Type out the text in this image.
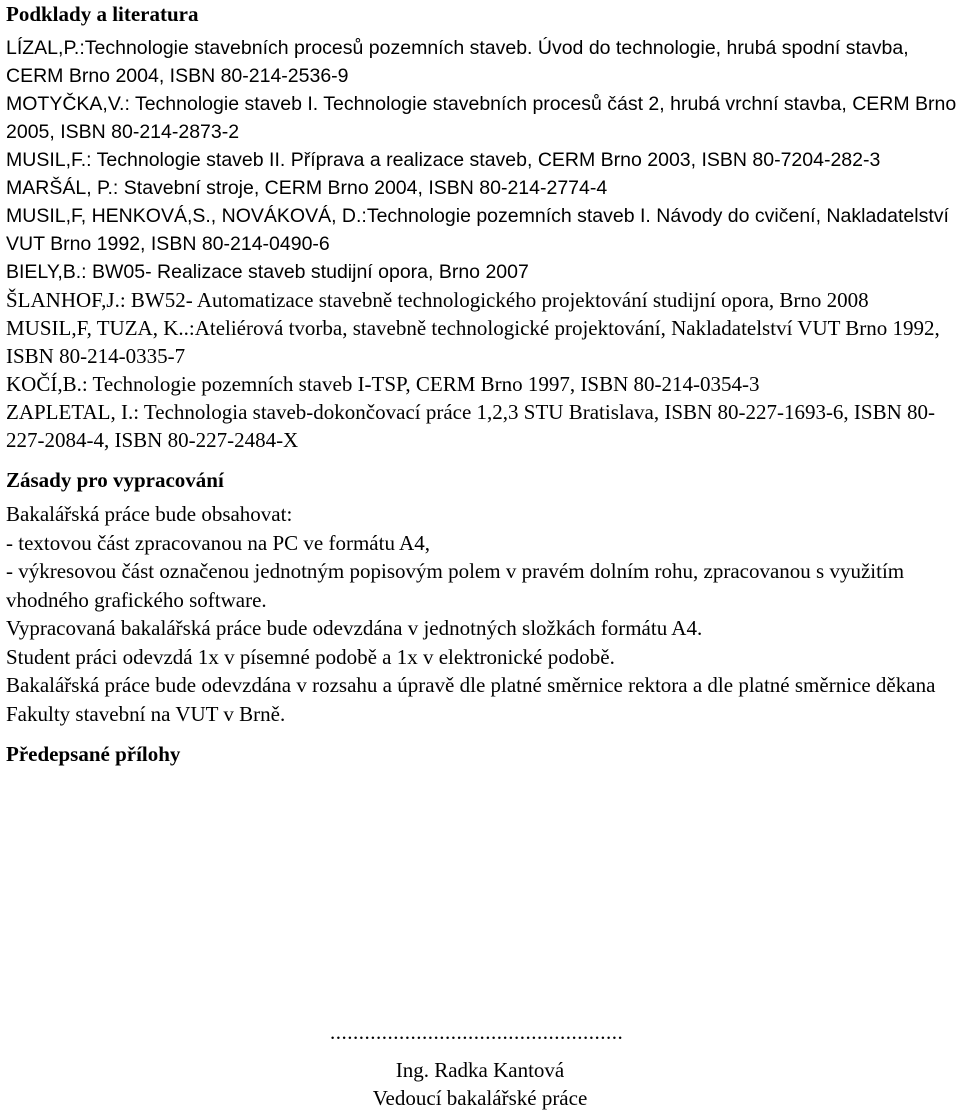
Podklady a literatura
LÍZAL,P.:Technologie stavebních procesů pozemních staveb. Úvod do technologie, hrubá spodní stavba, CERM Brno 2004, ISBN 80-214-2536-9
MOTYČKA,V.: Technologie staveb I. Technologie stavebních procesů část 2, hrubá vrchní stavba, CERM Brno 2005, ISBN 80-214-2873-2
MUSIL,F.: Technologie staveb II. Příprava a realizace staveb, CERM Brno 2003, ISBN 80-7204-282-3
MARŠÁL, P.: Stavební stroje, CERM Brno 2004, ISBN 80-214-2774-4
MUSIL,F, HENKOVÁ,S., NOVÁKOVÁ, D.:Technologie pozemních staveb I. Návody do cvičení, Nakladatelství VUT Brno 1992, ISBN 80-214-0490-6
BIELY,B.: BW05- Realizace staveb studijní opora, Brno 2007
ŠLANHOF,J.: BW52- Automatizace stavebně technologického projektování studijní opora, Brno 2008
MUSIL,F, TUZA, K..:Ateliérová tvorba, stavebně technologické projektování, Nakladatelství VUT Brno 1992, ISBN 80-214-0335-7
KOČÍ,B.: Technologie pozemních staveb I-TSP, CERM Brno 1997, ISBN 80-214-0354-3
ZAPLETAL, I.: Technologia staveb-dokončovací práce 1,2,3 STU Bratislava, ISBN 80-227-1693-6, ISBN 80-227-2084-4, ISBN 80-227-2484-X
Zásady pro vypracování

Bakalářská práce bude obsahovat:

- textovou část zpracovanou na PC ve formátu A4,

- výkresovou část označenou jednotným popisovým polem v pravém dolním rohu, zpracovanou s využitím vhodného grafického software.

Vypracovaná bakalářská práce bude odevzdána v jednotných složkách formátu A4.

Student práci odevzdá 1x v písemné podobě a 1x v elektronické podobě.

Bakalářská práce bude odevzdána v rozsahu a úpravě dle platné směrnice rektora a dle platné směrnice děkana Fakulty stavební na VUT v Brně.

Předepsané přílohy
...................................................
Ing. Radka Kantová
Vedoucí bakalářské práce
